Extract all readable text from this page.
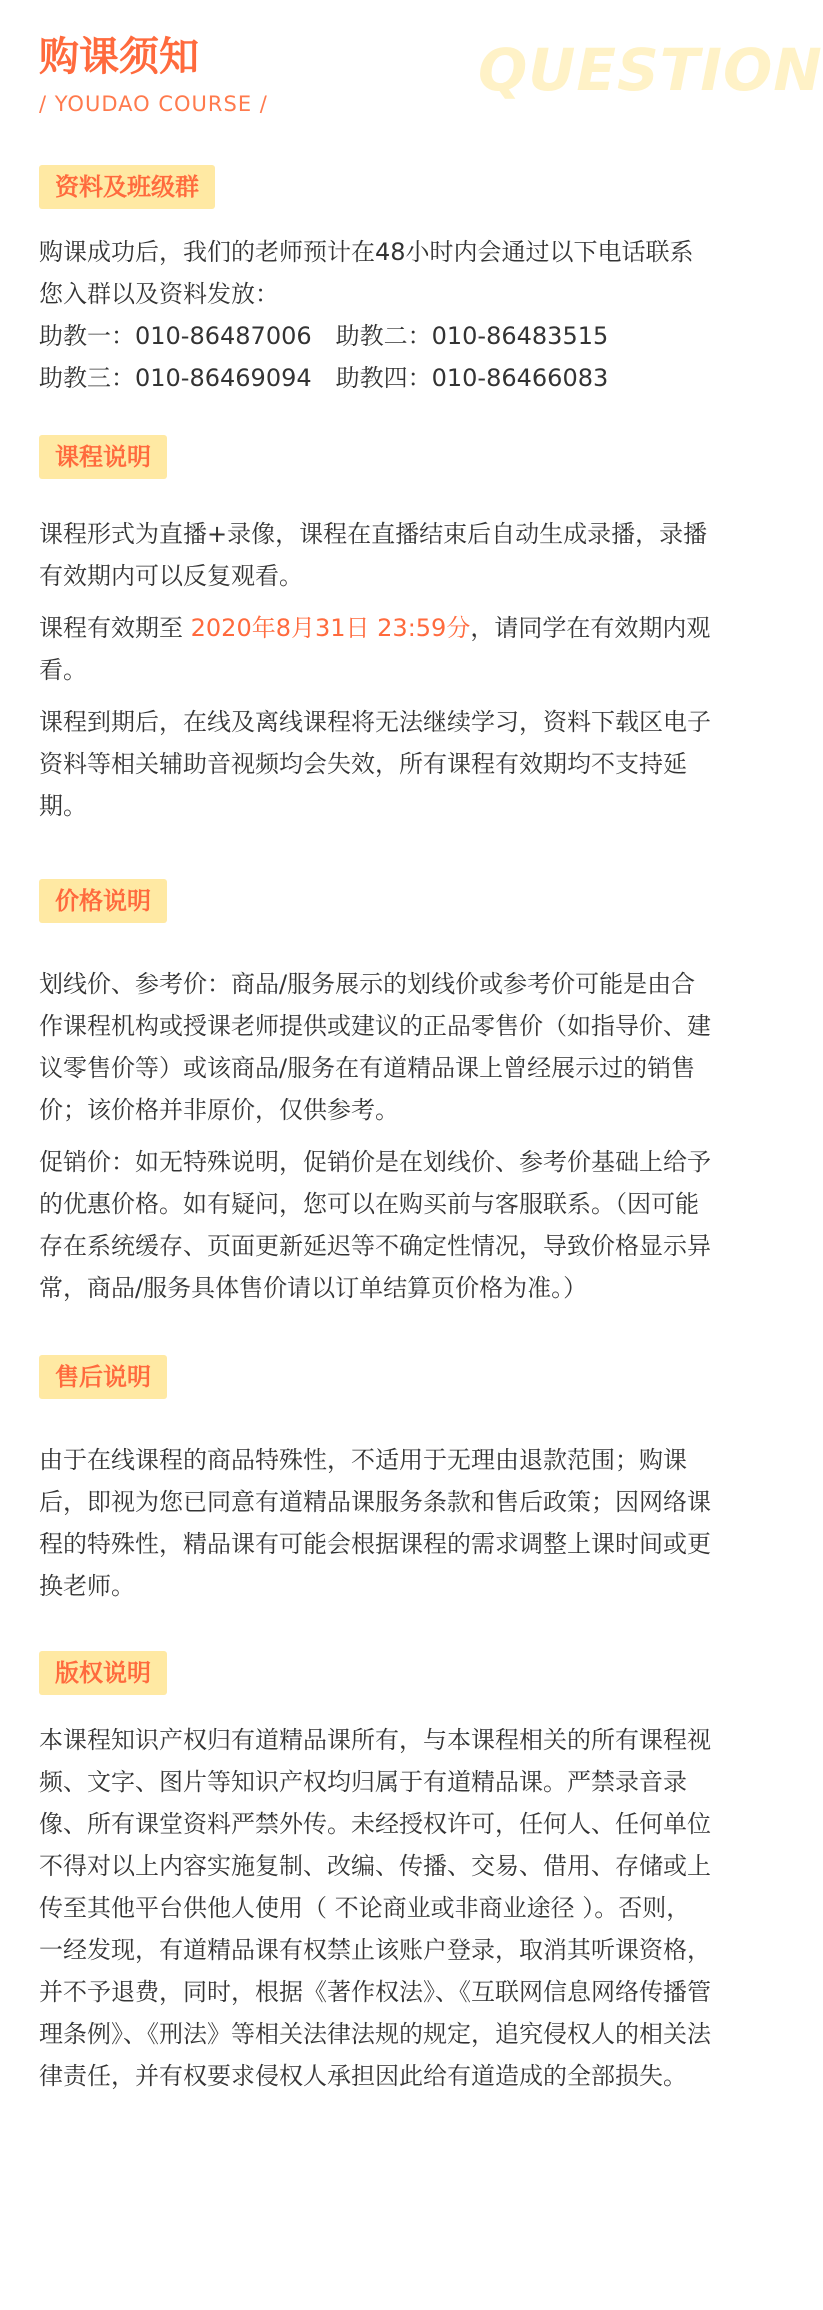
QUESTION
购课须知
/ YOUDAO COURSE /
资料及班级群

购课成功后，我们的老师预计在48小时内会通过以下电话联系您入群以及资料发放：

助教一：010-86487006 助教二：010-86483515
助教三：010-86469094 助教四：010-86466083
课程说明

课程形式为直播+录像，课程在直播结束后自动生成录播，录播有效期内可以反复观看。

课程有效期至 2020年8月31日 23:59分，请同学在有效期内观看。

课程到期后，在线及离线课程将无法继续学习，资料下载区电子资料等相关辅助音视频均会失效，所有课程有效期均不支持延期。

价格说明

划线价、参考价：商品/服务展示的划线价或参考价可能是由合作课程机构或授课老师提供或建议的正品零售价（如指导价、建议零售价等）或该商品/服务在有道精品课上曾经展示过的销售价；该价格并非原价，仅供参考。

促销价：如无特殊说明，促销价是在划线价、参考价基础上给予的优惠价格。如有疑问，您可以在购买前与客服联系。（因可能存在系统缓存、页面更新延迟等不确定性情况，导致价格显示异常，商品/服务具体售价请以订单结算页价格为准。）

售后说明

由于在线课程的商品特殊性，不适用于无理由退款范围；购课后，即视为您已同意有道精品课服务条款和售后政策；因网络课程的特殊性，精品课有可能会根据课程的需求调整上课时间或更换老师。

版权说明

本课程知识产权归有道精品课所有，与本课程相关的所有课程视频、文字、图片等知识产权均归属于有道精品课。严禁录音录像、所有课堂资料严禁外传。未经授权许可，任何人、任何单位不得对以上内容实施复制、改编、传播、交易、借用、存储或上传至其他平台供他人使用（ 不论商业或非商业途径 ）。否则，一经发现，有道精品课有权禁止该账户登录，取消其听课资格，并不予退费，同时，根据《著作权法》、《互联网信息网络传播管理条例》、《刑法》等相关法律法规的规定，追究侵权人的相关法律责任，并有权要求侵权人承担因此给有道造成的全部损失。
